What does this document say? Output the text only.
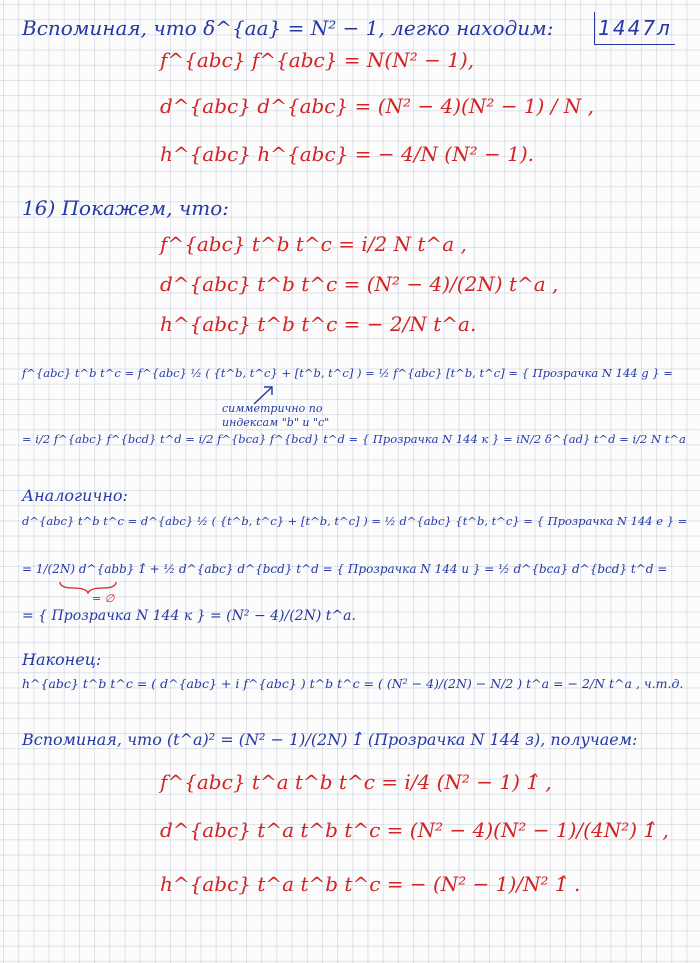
1447л
Вспоминая, что δ^{aa} = N² − 1, легко находим:
f^{abc} f^{abc} = N(N² − 1),
d^{abc} d^{abc} = (N² − 4)(N² − 1) / N ,
h^{abc} h^{abc} = − 4/N (N² − 1).
16) Покажем, что:
f^{abc} t^b t^c = i/2 N t^a ,
d^{abc} t^b t^c = (N² − 4)/(2N) t^a ,
h^{abc} t^b t^c = − 2/N t^a.
f^{abc} t^b t^c = f^{abc} ½ ( {t^b, t^c} + [t^b, t^c] ) = ½ f^{abc} [t^b, t^c] = { Прозрачка N 144 g } =
симметрично по индексам "b" и "c"
= i/2 f^{abc} f^{bcd} t^d = i/2 f^{bca} f^{bcd} t^d = { Прозрачка N 144 к } = iN/2 δ^{ad} t^d = i/2 N t^a
Аналогично:
d^{abc} t^b t^c = d^{abc} ½ ( {t^b, t^c} + [t^b, t^c] ) = ½ d^{abc} {t^b, t^c} = { Прозрачка N 144 е } =
= 1/(2N) d^{abb} 1̂ + ½ d^{abc} d^{bcd} t^d = { Прозрачка N 144 и } = ½ d^{bca} d^{bcd} t^d =
= ∅
= { Прозрачка N 144 к } = (N² − 4)/(2N) t^a.
Наконец:
h^{abc} t^b t^c = ( d^{abc} + i f^{abc} ) t^b t^c = ( (N² − 4)/(2N) − N/2 ) t^a = − 2/N t^a , ч.т.д.
Вспоминая, что (t^a)² = (N² − 1)/(2N) 1̂ (Прозрачка N 144 з), получаем:
f^{abc} t^a t^b t^c = i/4 (N² − 1) 1̂ ,
d^{abc} t^a t^b t^c = (N² − 4)(N² − 1)/(4N²) 1̂ ,
h^{abc} t^a t^b t^c = − (N² − 1)/N² 1̂ .
